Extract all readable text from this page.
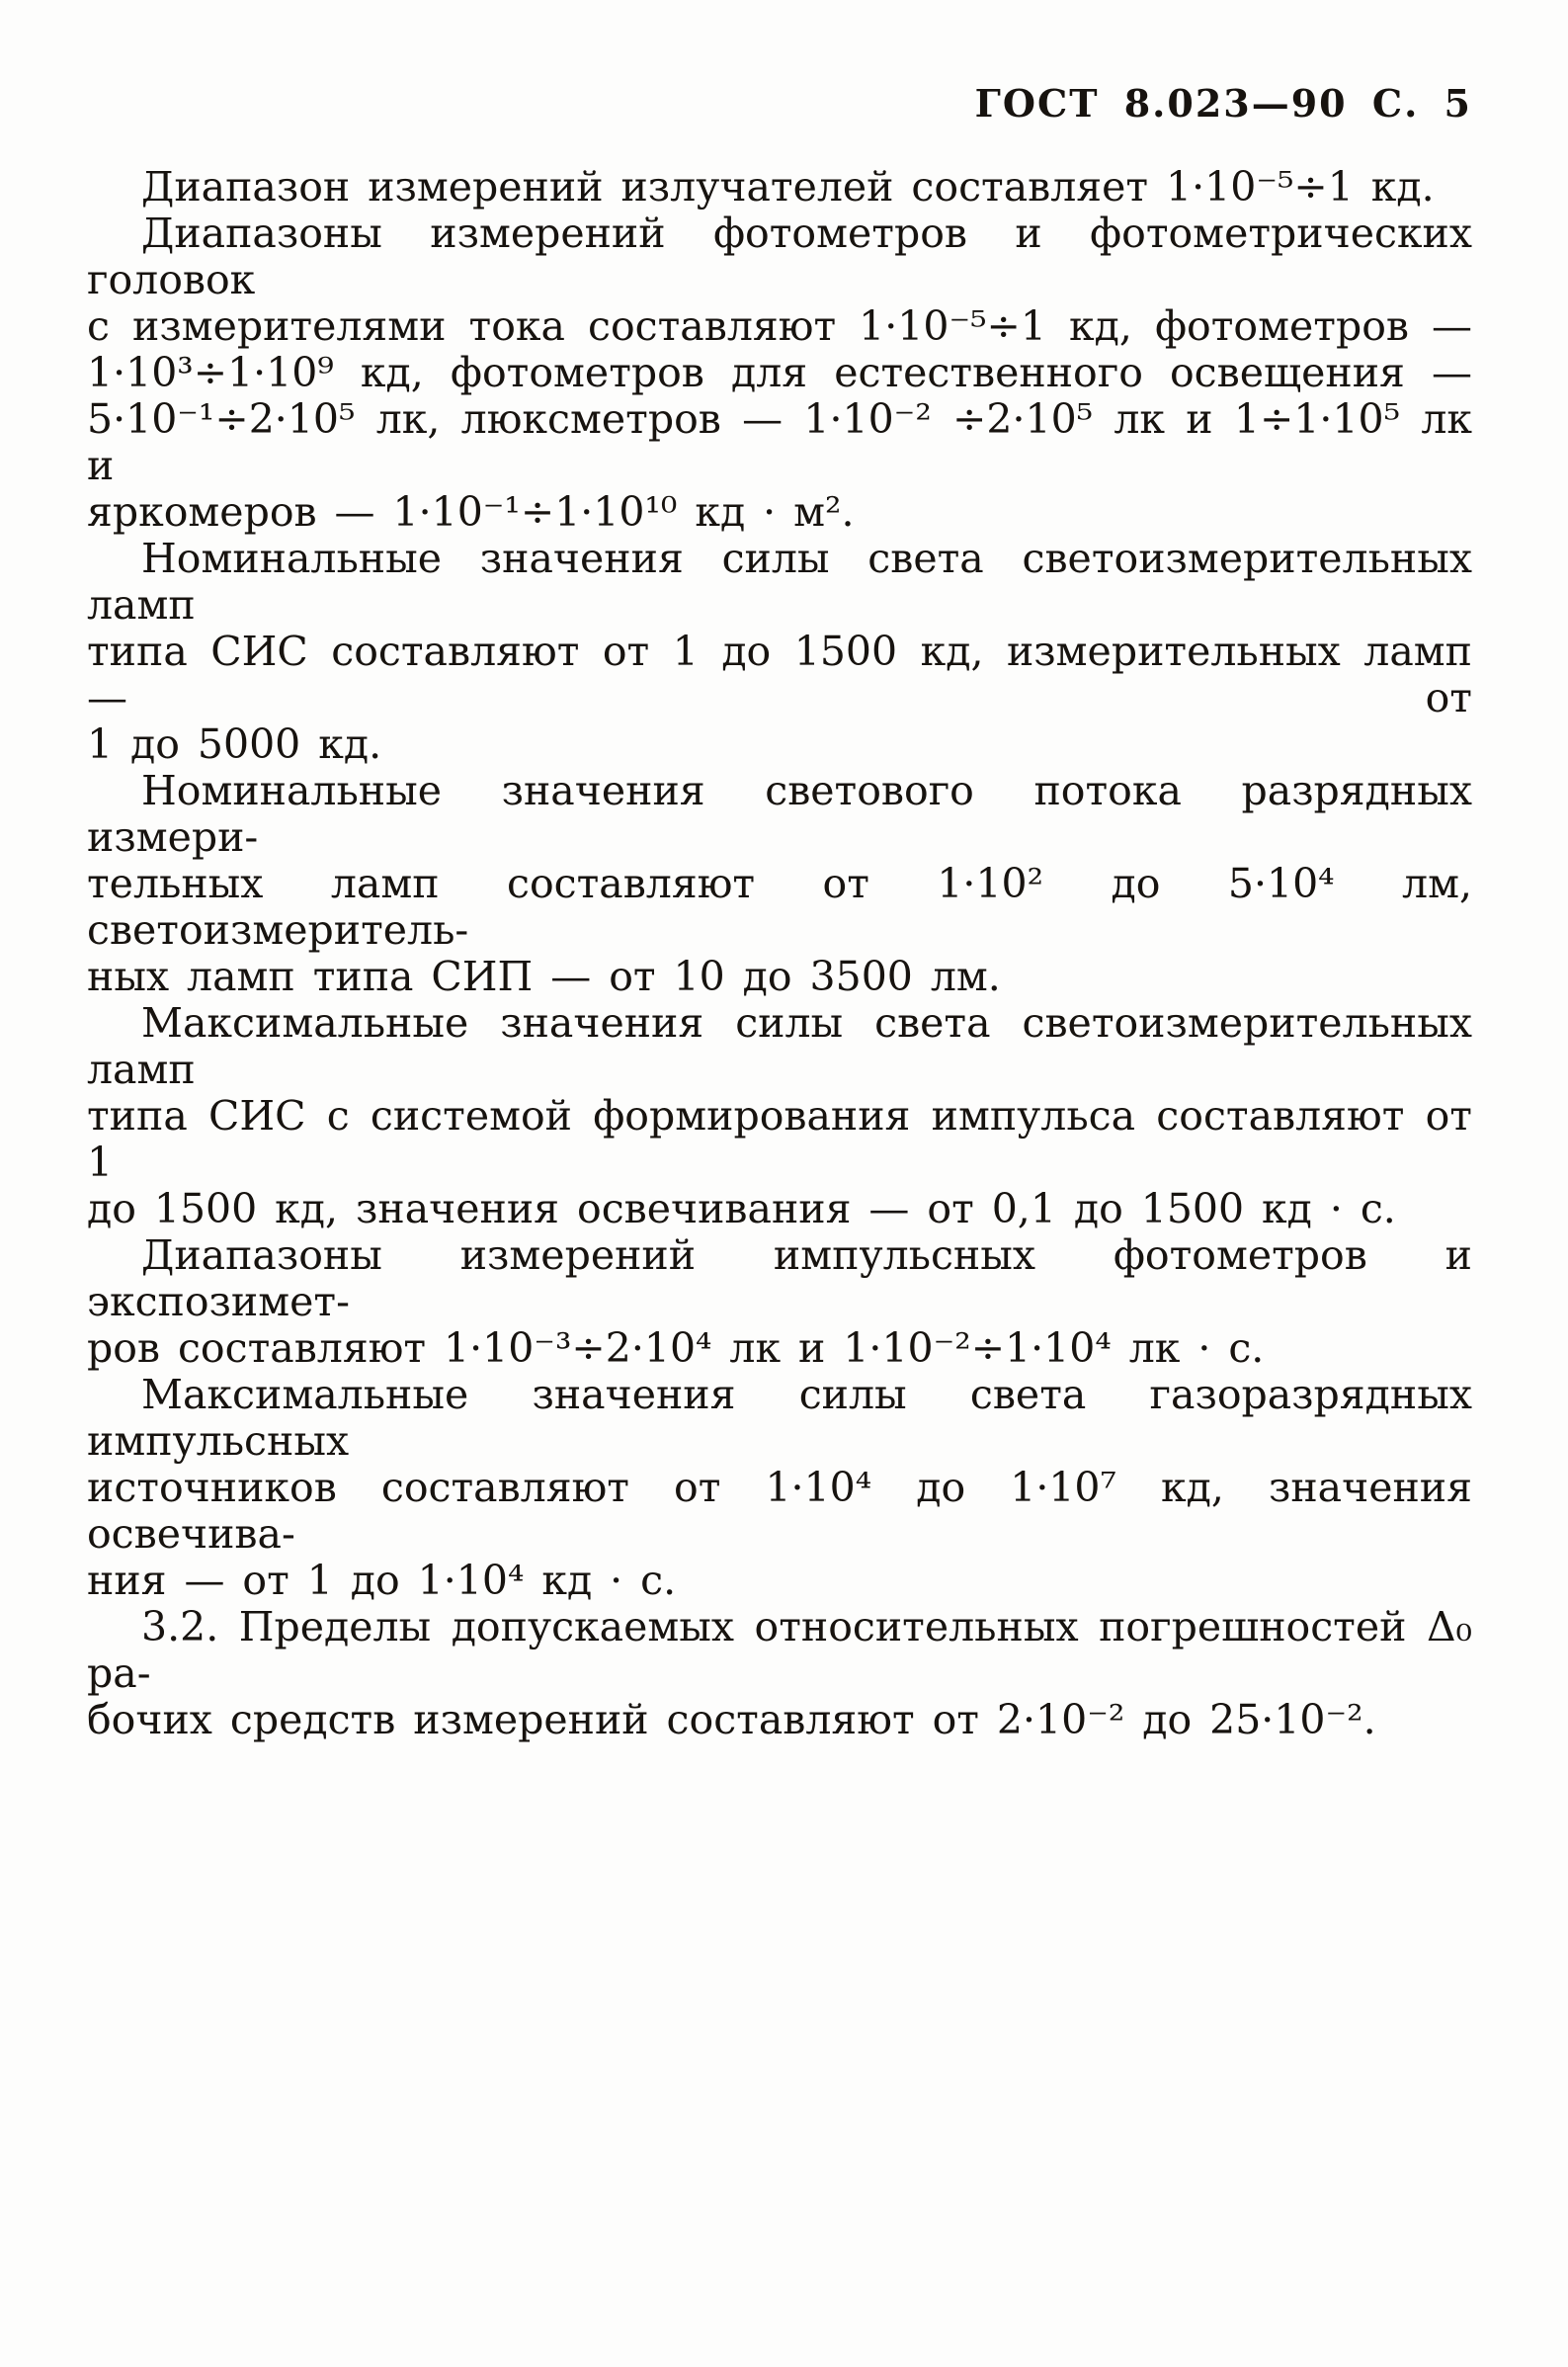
ГОСТ 8.023—90 С. 5
Диапазон измерений излучателей составляет 1·10⁻⁵÷1 кд.
Диапазоны измерений фотометров и фотометрических головок
с измерителями тока составляют 1·10⁻⁵÷1 кд, фотометров —
1·10³÷1·10⁹ кд, фотометров для естественного освещения —
5·10⁻¹÷2·10⁵ лк, люксметров — 1·10⁻² ÷2·10⁵ лк и 1÷1·10⁵ лк и
яркомеров — 1·10⁻¹÷1·10¹⁰ кд · м².
Номинальные значения силы света светоизмерительных ламп
типа СИС составляют от 1 до 1500 кд, измерительных ламп — от
1 до 5000 кд.
Номинальные значения светового потока разрядных измери-
тельных ламп составляют от 1·10² до 5·10⁴ лм, светоизмеритель-
ных ламп типа СИП — от 10 до 3500 лм.
Максимальные значения силы света светоизмерительных ламп
типа СИС с системой формирования импульса составляют от 1
до 1500 кд, значения освечивания — от 0,1 до 1500 кд · с.
Диапазоны измерений импульсных фотометров и экспозимет-
ров составляют 1·10⁻³÷2·10⁴ лк и 1·10⁻²÷1·10⁴ лк · с.
Максимальные значения силы света газоразрядных импульсных
источников составляют от 1·10⁴ до 1·10⁷ кд, значения освечива-
ния — от 1 до 1·10⁴ кд · с.
3.2. Пределы допускаемых относительных погрешностей Δ₀ ра-
бочих средств измерений составляют от 2·10⁻² до 25·10⁻².
